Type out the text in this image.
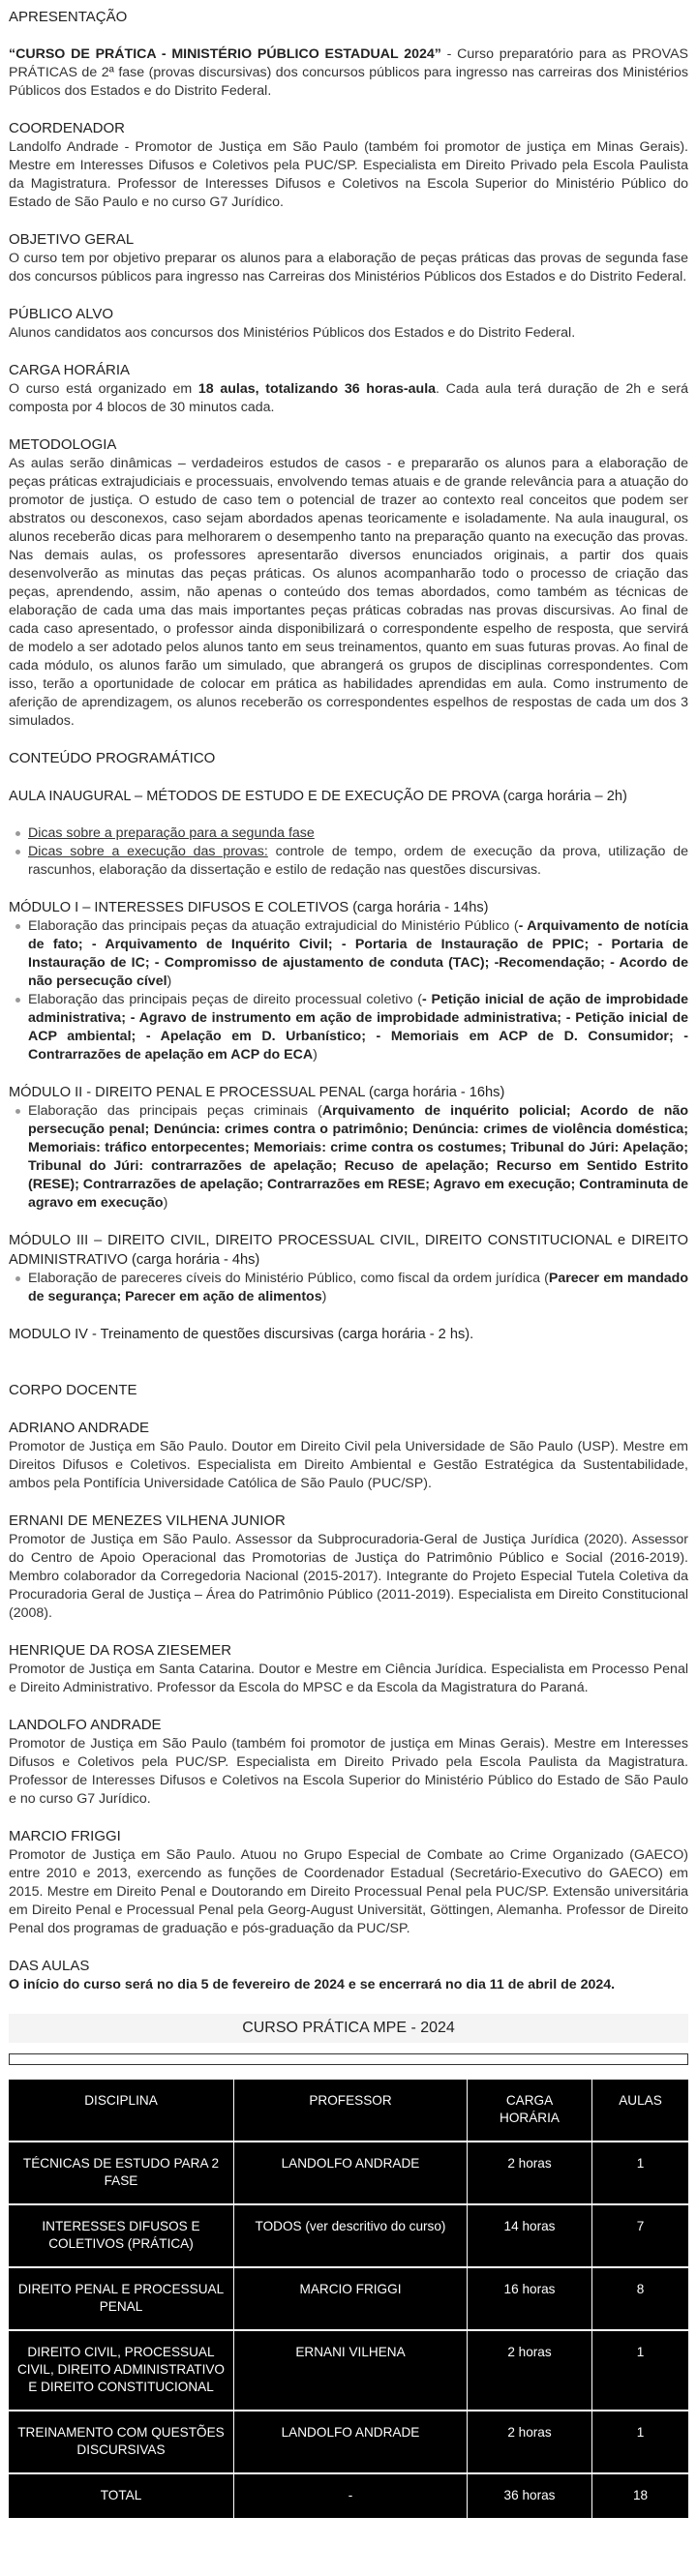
APRESENTAÇÃO

“CURSO DE PRÁTICA - MINISTÉRIO PÚBLICO ESTADUAL 2024” - Curso preparatório para as PROVAS PRÁTICAS de 2ª fase (provas discursivas) dos concursos públicos para ingresso nas carreiras dos Ministérios Públicos dos Estados e do Distrito Federal.

COORDENADOR

Landolfo Andrade - Promotor de Justiça em São Paulo (também foi promotor de justiça em Minas Gerais). Mestre em Interesses Difusos e Coletivos pela PUC/SP. Especialista em Direito Privado pela Escola Paulista da Magistratura. Professor de Interesses Difusos e Coletivos na Escola Superior do Ministério Público do Estado de São Paulo e no curso G7 Jurídico.

OBJETIVO GERAL

O curso tem por objetivo preparar os alunos para a elaboração de peças práticas das provas de segunda fase dos concursos públicos para ingresso nas Carreiras dos Ministérios Públicos dos Estados e do Distrito Federal.

PÚBLICO ALVO

Alunos candidatos aos concursos dos Ministérios Públicos dos Estados e do Distrito Federal.

CARGA HORÁRIA

O curso está organizado em 18 aulas, totalizando 36 horas-aula. Cada aula terá duração de 2h e será composta por 4 blocos de 30 minutos cada.

METODOLOGIA

As aulas serão dinâmicas – verdadeiros estudos de casos - e prepararão os alunos para a elaboração de peças práticas extrajudiciais e processuais, envolvendo temas atuais e de grande relevância para a atuação do promotor de justiça. O estudo de caso tem o potencial de trazer ao contexto real conceitos que podem ser abstratos ou desconexos, caso sejam abordados apenas teoricamente e isoladamente. Na aula inaugural, os alunos receberão dicas para melhorarem o desempenho tanto na preparação quanto na execução das provas. Nas demais aulas, os professores apresentarão diversos enunciados originais, a partir dos quais desenvolverão as minutas das peças práticas. Os alunos acompanharão todo o processo de criação das peças, aprendendo, assim, não apenas o conteúdo dos temas abordados, como também as técnicas de elaboração de cada uma das mais importantes peças práticas cobradas nas provas discursivas. Ao final de cada caso apresentado, o professor ainda disponibilizará o correspondente espelho de resposta, que servirá de modelo a ser adotado pelos alunos tanto em seus treinamentos, quanto em suas futuras provas. Ao final de cada módulo, os alunos farão um simulado, que abrangerá os grupos de disciplinas correspondentes. Com isso, terão a oportunidade de colocar em prática as habilidades aprendidas em aula. Como instrumento de aferição de aprendizagem, os alunos receberão os correspondentes espelhos de respostas de cada um dos 3 simulados.

CONTEÚDO PROGRAMÁTICO
AULA INAUGURAL – MÉTODOS DE ESTUDO E DE EXECUÇÃO DE PROVA (carga horária – 2h)
Dicas sobre a preparação para a segunda fase
Dicas sobre a execução das provas: controle de tempo, ordem de execução da prova, utilização de rascunhos, elaboração da dissertação e estilo de redação nas questões discursivas.
MÓDULO I – INTERESSES DIFUSOS E COLETIVOS (carga horária - 14hs)
Elaboração das principais peças da atuação extrajudicial do Ministério Público (- Arquivamento de notícia de fato; - Arquivamento de Inquérito Civil; - Portaria de Instauração de PPIC; - Portaria de Instauração de IC; - Compromisso de ajustamento de conduta (TAC); -Recomendação; - Acordo de não persecução cível)
Elaboração das principais peças de direito processual coletivo (- Petição inicial de ação de improbidade administrativa; - Agravo de instrumento em ação de improbidade administrativa; - Petição inicial de ACP ambiental; - Apelação em D. Urbanístico; - Memoriais em ACP de D. Consumidor; - Contrarrazões de apelação em ACP do ECA)
MÓDULO II - DIREITO PENAL E PROCESSUAL PENAL (carga horária - 16hs)
Elaboração das principais peças criminais (Arquivamento de inquérito policial; Acordo de não persecução penal; Denúncia: crimes contra o patrimônio; Denúncia: crimes de violência doméstica; Memoriais: tráfico entorpecentes; Memoriais: crime contra os costumes; Tribunal do Júri: Apelação; Tribunal do Júri: contrarrazões de apelação; Recuso de apelação; Recurso em Sentido Estrito (RESE); Contrarrazões de apelação; Contrarrazões em RESE; Agravo em execução; Contraminuta de agravo em execução)
MÓDULO III – DIREITO CIVIL, DIREITO PROCESSUAL CIVIL, DIREITO CONSTITUCIONAL e DIREITO ADMINISTRATIVO (carga horária - 4hs)
Elaboração de pareceres cíveis do Ministério Público, como fiscal da ordem jurídica (Parecer em mandado de segurança; Parecer em ação de alimentos)
MODULO IV - Treinamento de questões discursivas (carga horária - 2 hs).
CORPO DOCENTE
ADRIANO ANDRADE

Promotor de Justiça em São Paulo. Doutor em Direito Civil pela Universidade de São Paulo (USP). Mestre em Direitos Difusos e Coletivos. Especialista em Direito Ambiental e Gestão Estratégica da Sustentabilidade, ambos pela Pontifícia Universidade Católica de São Paulo (PUC/SP).

ERNANI DE MENEZES VILHENA JUNIOR

Promotor de Justiça em São Paulo. Assessor da Subprocuradoria-Geral de Justiça Jurídica (2020). Assessor do Centro de Apoio Operacional das Promotorias de Justiça do Patrimônio Público e Social (2016-2019). Membro colaborador da Corregedoria Nacional (2015-2017). Integrante do Projeto Especial Tutela Coletiva da Procuradoria Geral de Justiça – Área do Patrimônio Público (2011-2019). Especialista em Direito Constitucional (2008).

HENRIQUE DA ROSA ZIESEMER

Promotor de Justiça em Santa Catarina. Doutor e Mestre em Ciência Jurídica. Especialista em Processo Penal e Direito Administrativo. Professor da Escola do MPSC e da Escola da Magistratura do Paraná.

LANDOLFO ANDRADE

Promotor de Justiça em São Paulo (também foi promotor de justiça em Minas Gerais). Mestre em Interesses Difusos e Coletivos pela PUC/SP. Especialista em Direito Privado pela Escola Paulista da Magistratura. Professor de Interesses Difusos e Coletivos na Escola Superior do Ministério Público do Estado de São Paulo e no curso G7 Jurídico.

MARCIO FRIGGI

Promotor de Justiça em São Paulo. Atuou no Grupo Especial de Combate ao Crime Organizado (GAECO) entre 2010 e 2013, exercendo as funções de Coordenador Estadual (Secretário-Executivo do GAECO) em 2015. Mestre em Direito Penal e Doutorando em Direito Processual Penal pela PUC/SP. Extensão universitária em Direito Penal e Processual Penal pela Georg-August Universität, Göttingen, Alemanha. Professor de Direito Penal dos programas de graduação e pós-graduação da PUC/SP.

DAS AULAS

O início do curso será no dia 5 de fevereiro de 2024 e se encerrará no dia 11 de abril de 2024.

CURSO PRÁTICA MPE - 2024
DISCIPLINA	PROFESSOR	CARGA HORÁRIA	AULAS
TÉCNICAS DE ESTUDO PARA 2 FASE	LANDOLFO ANDRADE	2 horas	1
INTERESSES DIFUSOS E COLETIVOS (PRÁTICA)	TODOS (ver descritivo do curso)	14 horas	7
DIREITO PENAL E PROCESSUAL PENAL	MARCIO FRIGGI	16 horas	8
DIREITO CIVIL, PROCESSUAL CIVIL, DIREITO ADMINISTRATIVO E DIREITO CONSTITUCIONAL	ERNANI VILHENA	2 horas	1
TREINAMENTO COM QUESTÕES DISCURSIVAS	LANDOLFO ANDRADE	2 horas	1
TOTAL	-	36 horas	18
